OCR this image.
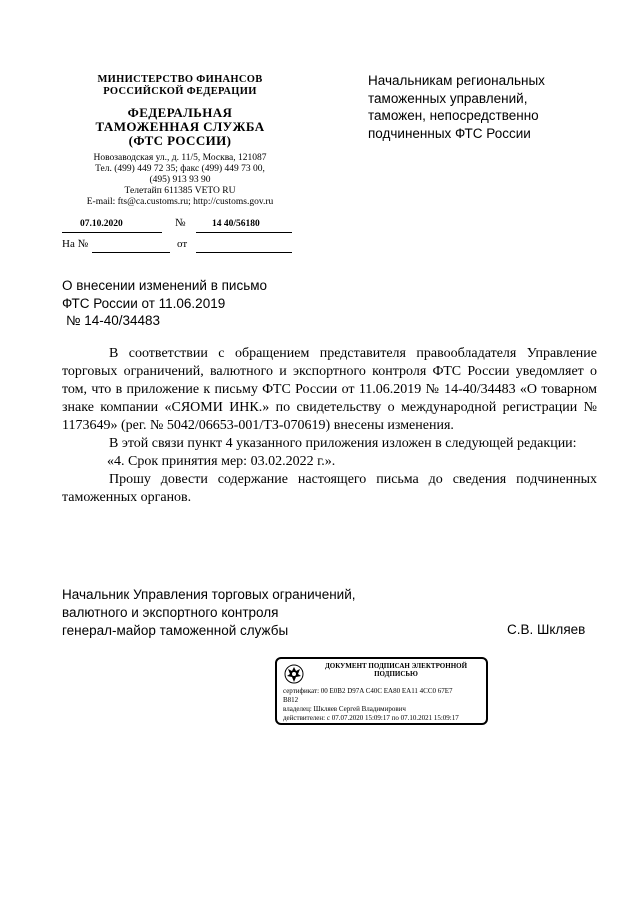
МИНИСТЕРСТВО ФИНАНСОВ
РОССИЙСКОЙ ФЕДЕРАЦИИ
ФЕДЕРАЛЬНАЯ
ТАМОЖЕННАЯ СЛУЖБА
(ФТС РОССИИ)
Новозаводская ул., д. 11/5, Москва, 121087
Тел. (499) 449 72 35; факс (499) 449 73 00,
(495) 913 93 90
Телетайп 611385 VETO RU
E-mail: fts@ca.customs.ru; http://customs.gov.ru
07.10.2020	№	14 40/56180
На №	от
Начальникам региональных
таможенных управлений,
таможен, непосредственно
подчиненных ФТС России
О внесении изменений в письмо
ФТС России от 11.06.2019
№ 14-40/34483

В соответствии с обращением представителя правообладателя Управление торговых ограничений, валютного и экспортного контроля ФТС России уведомляет о том, что в приложение к письму ФТС России от 11.06.2019 № 14-40/34483 «О товарном знаке компании «СЯОМИ ИНК.» по свидетельству о международной регистрации № 1173649» (рег. № 5042/06653-001/ТЗ-070619) внесены изменения.

В этой связи пункт 4 указанного приложения изложен в следующей редакции:

«4. Срок принятия мер: 03.02.2022 г.».

Прошу довести содержание настоящего письма до сведения подчиненных таможенных органов.

Начальник Управления торговых ограничений,
валютного и экспортного контроля
генерал-майор таможенной службы	С.В. Шкляев
ДОКУМЕНТ ПОДПИСАН ЭЛЕКТРОННОЙ
ПОДПИСЬЮ
сертификат: 00 E0B2 D97A C40C EA80 EA11 4CC0 67E7
B812
владелец: Шкляев Сергей Владимирович
действителен: с 07.07.2020 15:09:17 по 07.10.2021 15:09:17
